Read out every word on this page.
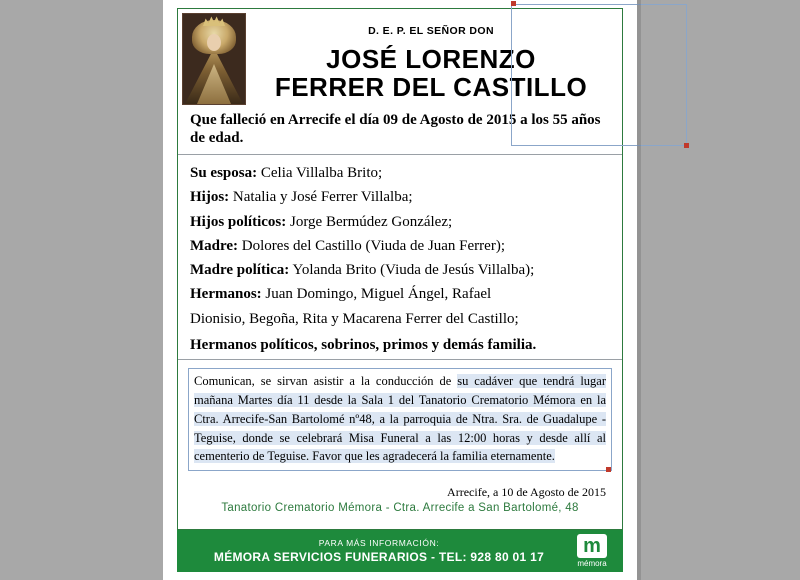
D. E. P. EL SEÑOR DON
JOSÉ LORENZO
FERRER DEL CASTILLO
Que falleció en Arrecife el día 09 de Agosto de 2015 a los 55 años de edad.
Su esposa: Celia Villalba Brito;
Hijos: Natalia y José Ferrer Villalba;
Hijos políticos: Jorge Bermúdez González;
Madre: Dolores del Castillo (Viuda de Juan Ferrer);
Madre política: Yolanda Brito (Viuda de Jesús Villalba);
Hermanos: Juan Domingo, Miguel Ángel, Rafael
Dionisio, Begoña, Rita y Macarena Ferrer del Castillo;
Hermanos políticos, sobrinos, primos y demás familia.
Comunican, se sirvan asistir a la conducción de su cadáver que tendrá lugar mañana Martes día 11 desde la Sala 1 del Tanatorio Crematorio Mémora en la Ctra. Arrecife-San Bartolomé nº48, a la parroquia de Ntra. Sra. de Guadalupe - Teguise, donde se celebrará Misa Funeral a las 12:00 horas y desde allí al cementerio de Teguise. Favor que les agradecerá la familia eternamente.
Arrecife, a 10 de Agosto de 2015
Tanatorio Crematorio Mémora - Ctra. Arrecife a San Bartolomé, 48
PARA MÁS INFORMACIÓN:
MÉMORA SERVICIOS FUNERARIOS - TEL: 928 80 01 17	m
mémora
